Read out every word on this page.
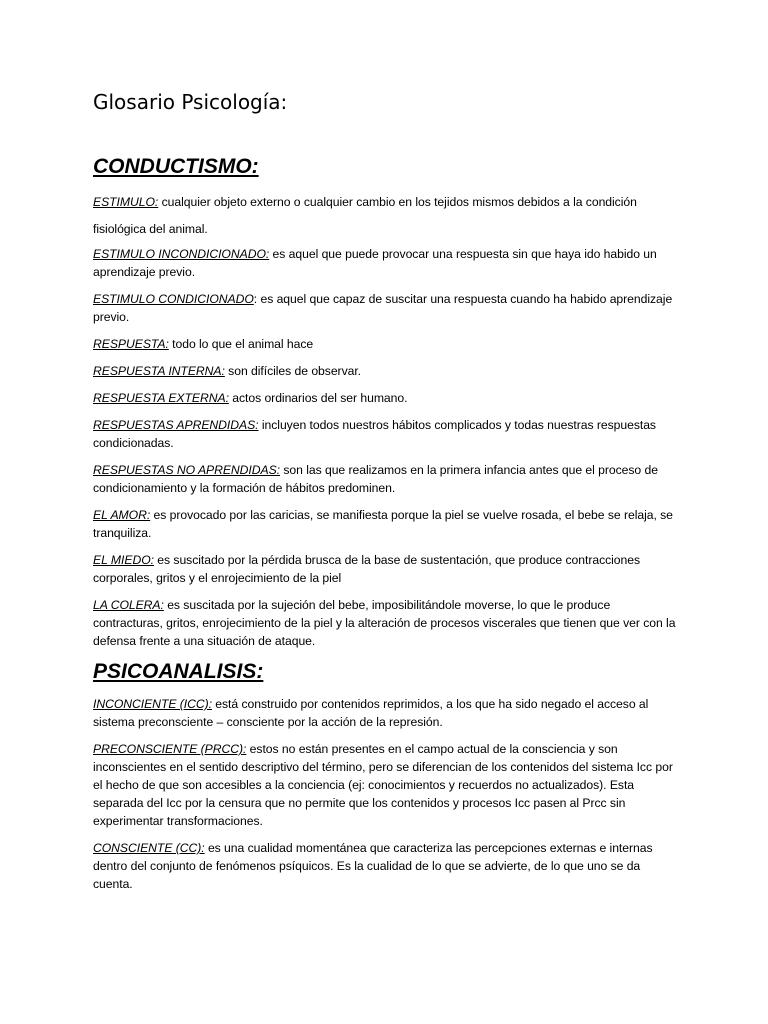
Glosario Psicología:
CONDUCTISMO:

ESTIMULO: cualquier objeto externo o cualquier cambio en los tejidos mismos debidos a la condición fisiológica del animal.

ESTIMULO INCONDICIONADO: es aquel que puede provocar una respuesta sin que haya ido habido un aprendizaje previo.

ESTIMULO CONDICIONADO: es aquel que capaz de suscitar una respuesta cuando ha habido aprendizaje previo.

RESPUESTA: todo lo que el animal hace

RESPUESTA INTERNA: son difíciles de observar.

RESPUESTA EXTERNA: actos ordinarios del ser humano.

RESPUESTAS APRENDIDAS: incluyen todos nuestros hábitos complicados y todas nuestras respuestas condicionadas.

RESPUESTAS NO APRENDIDAS: son las que realizamos en la primera infancia antes que el proceso de condicionamiento y la formación de hábitos predominen.

EL AMOR: es provocado por las caricias, se manifiesta porque la piel se vuelve rosada, el bebe se relaja, se tranquiliza.

EL MIEDO: es suscitado por la pérdida brusca de la base de sustentación, que produce contracciones corporales, gritos y el enrojecimiento de la piel

LA COLERA: es suscitada por la sujeción del bebe, imposibilitándole moverse, lo que le produce contracturas, gritos, enrojecimiento de la piel y la alteración de procesos viscerales que tienen que ver con la defensa frente a una situación de ataque.

PSICOANALISIS:

INCONCIENTE (ICC): está construido por contenidos reprimidos, a los que ha sido negado el acceso al sistema preconsciente – consciente por la acción de la represión.

PRECONSCIENTE (PRCC): estos no están presentes en el campo actual de la consciencia y son inconscientes en el sentido descriptivo del término, pero se diferencian de los contenidos del sistema Icc por el hecho de que son accesibles a la conciencia (ej: conocimientos y recuerdos no actualizados). Esta separada del Icc por la censura que no permite que los contenidos y procesos Icc pasen al Prcc sin experimentar transformaciones.

CONSCIENTE (CC): es una cualidad momentánea que caracteriza las percepciones externas e internas dentro del conjunto de fenómenos psíquicos. Es la cualidad de lo que se advierte, de lo que uno se da cuenta.
